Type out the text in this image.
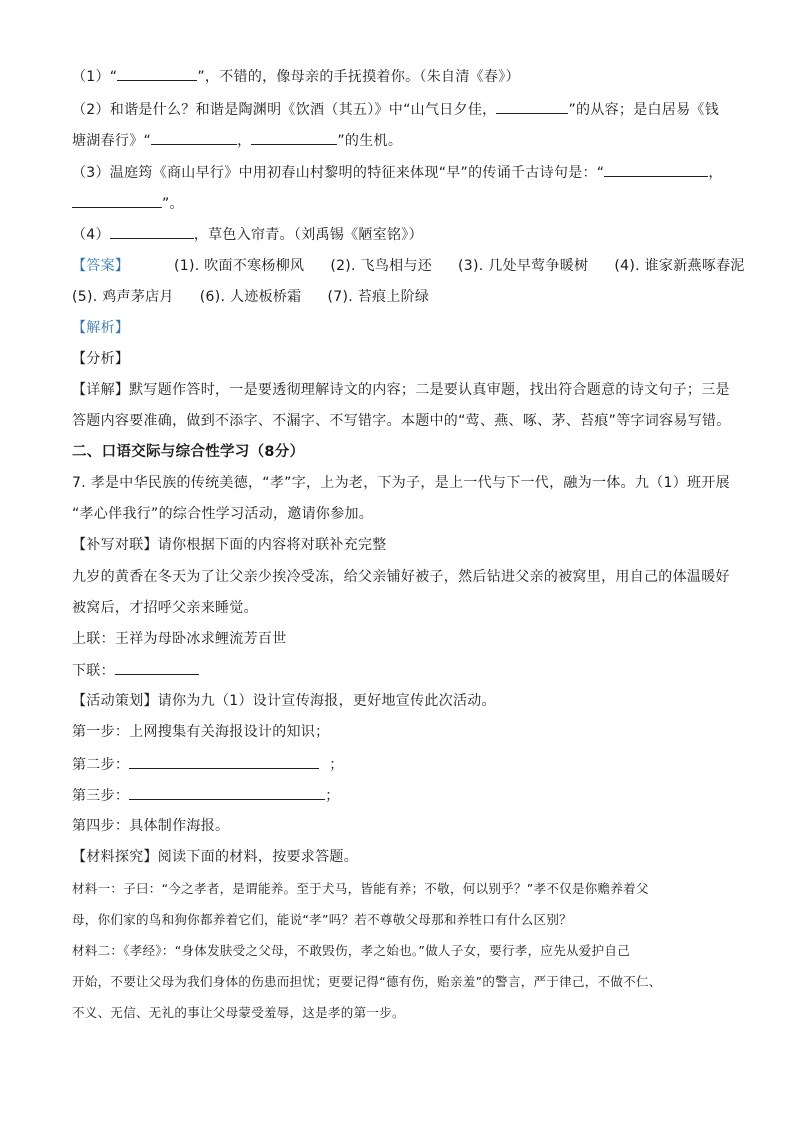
（1）“	”，不错的，像母亲的手抚摸着你。（朱自清《春》）
（2）和谐是什么？和谐是陶渊明《饮酒（其五）》中“山气日夕佳，	”的从容；是白居易《钱
塘湖春行》“	，	”的生机。
（3）温庭筠《商山早行》中用初春山村黎明的特征来体现“早”的传诵千古诗句是：“	，
”。
（4）	，草色入帘青。（刘禹锡《陋室铭》）
【答案】	(1). 吹面不寒杨柳风 (2). 飞鸟相与还 (3). 几处早莺争暖树 (4). 谁家新燕啄春泥
(5). 鸡声茅店月 (6). 人迹板桥霜 (7). 苔痕上阶绿
【解析】
【分析】
【详解】默写题作答时，一是要透彻理解诗文的内容；二是要认真审题，找出符合题意的诗文句子；三是
答题内容要准确，做到不添字、不漏字、不写错字。本题中的“莺、燕、啄、茅、苔痕”等字词容易写错。
二、口语交际与综合性学习（8分）
7. 孝是中华民族的传统美德，“孝”字，上为老，下为子，是上一代与下一代，融为一体。九（1）班开展
“孝心伴我行”的综合性学习活动，邀请你参加。
【补写对联】请你根据下面的内容将对联补充完整
九岁的黄香在冬天为了让父亲少挨冷受冻，给父亲铺好被子，然后钻进父亲的被窝里，用自己的体温暖好
被窝后，才招呼父亲来睡觉。
上联：王祥为母卧冰求鲤流芳百世
下联：
【活动策划】请你为九（1）设计宣传海报，更好地宣传此次活动。
第一步：上网搜集有关海报设计的知识；
第二步：	；
第三步：	；
第四步：具体制作海报。
【材料探究】阅读下面的材料，按要求答题。
材料一：子曰：“今之孝者，是谓能养。至于犬马，皆能有养；不敬，何以别乎？”孝不仅是你赡养着父
母，你们家的鸟和狗你都养着它们，能说“孝”吗？若不尊敬父母那和养牲口有什么区别？
材料二：《孝经》：“身体发肤受之父母，不敢毁伤，孝之始也。”做人子女，要行孝，应先从爱护自己
开始，不要让父母为我们身体的伤患而担忧；更要记得“德有伤，贻亲羞”的警言，严于律己，不做不仁、
不义、无信、无礼的事让父母蒙受羞辱，这是孝的第一步。
